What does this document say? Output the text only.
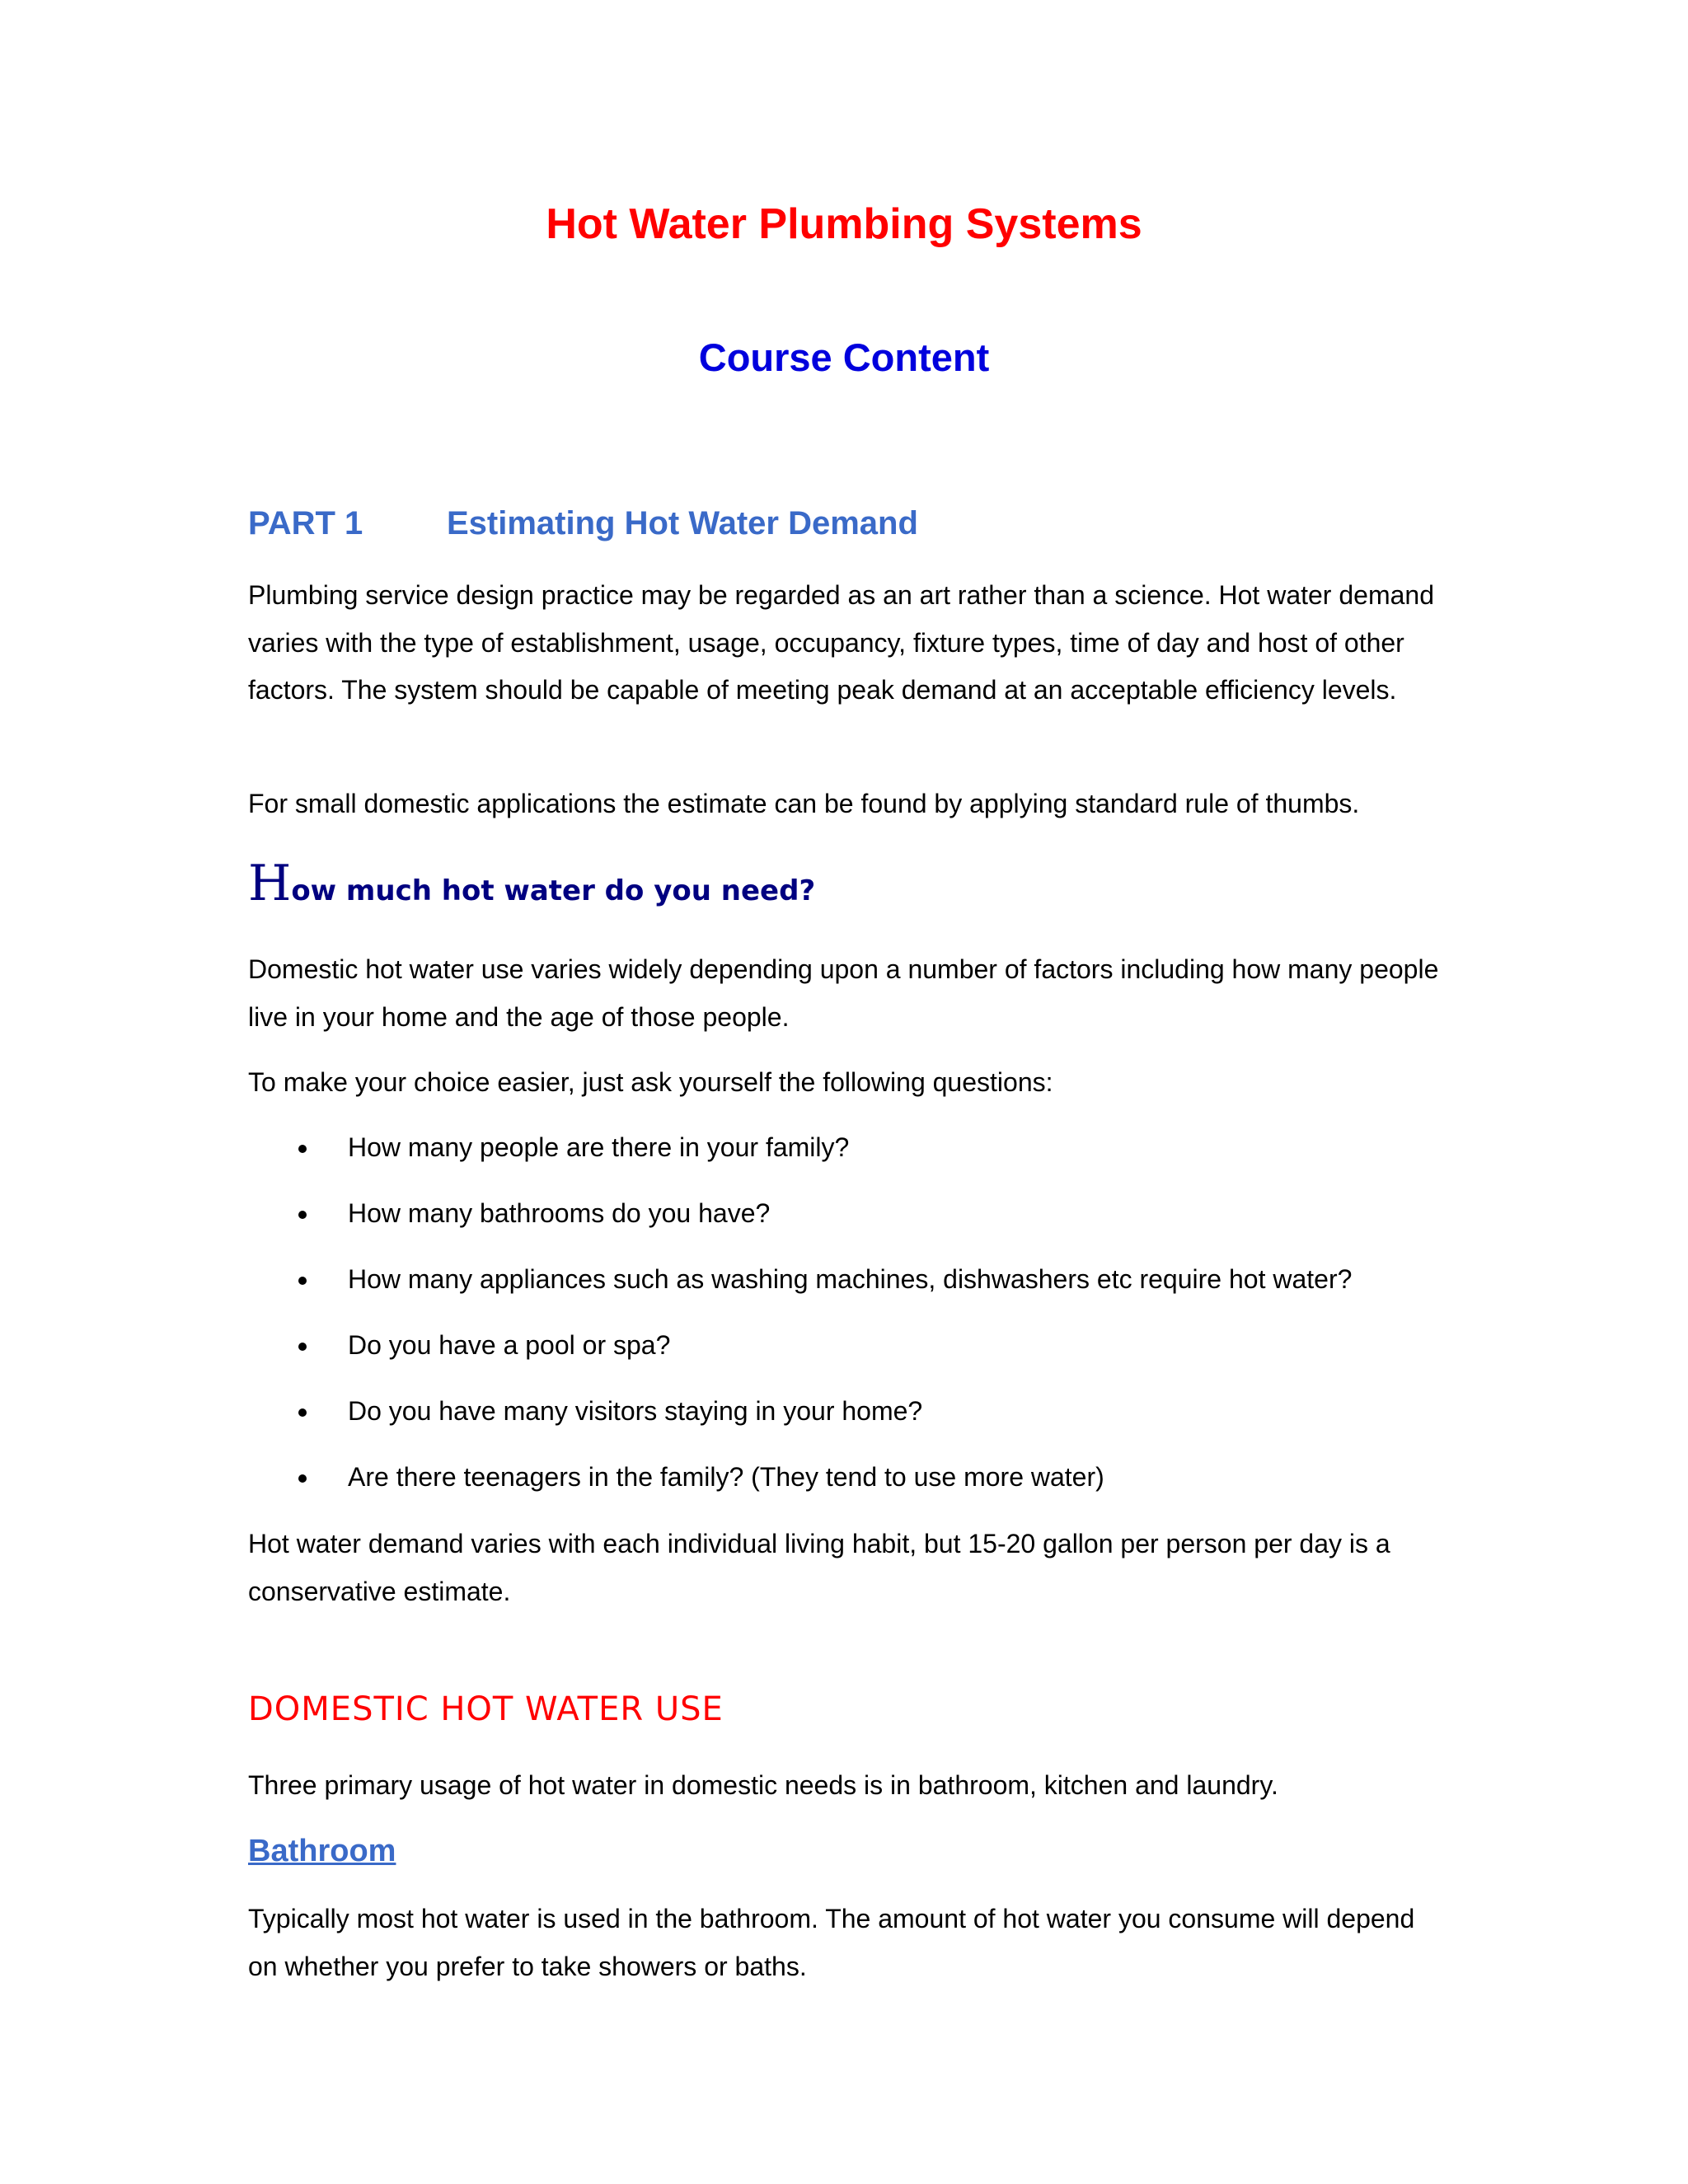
Hot Water Plumbing Systems
Course Content
PART 1	Estimating Hot Water Demand

Plumbing service design practice may be regarded as an art rather than a science. Hot water demand varies with the type of establishment, usage, occupancy, fixture types, time of day and host of other factors. The system should be capable of meeting peak demand at an acceptable efficiency levels.

For small domestic applications the estimate can be found by applying standard rule of thumbs.

How much hot water do you need?

Domestic hot water use varies widely depending upon a number of factors including how many people live in your home and the age of those people.

To make your choice easier, just ask yourself the following questions:

How many people are there in your family?
How many bathrooms do you have?
How many appliances such as washing machines, dishwashers etc require hot water?
Do you have a pool or spa?
Do you have many visitors staying in your home?
Are there teenagers in the family? (They tend to use more water)

Hot water demand varies with each individual living habit, but 15-20 gallon per person per day is a conservative estimate.

DOMESTIC HOT WATER USE

Three primary usage of hot water in domestic needs is in bathroom, kitchen and laundry.

Bathroom

Typically most hot water is used in the bathroom. The amount of hot water you consume will depend on whether you prefer to take showers or baths.
